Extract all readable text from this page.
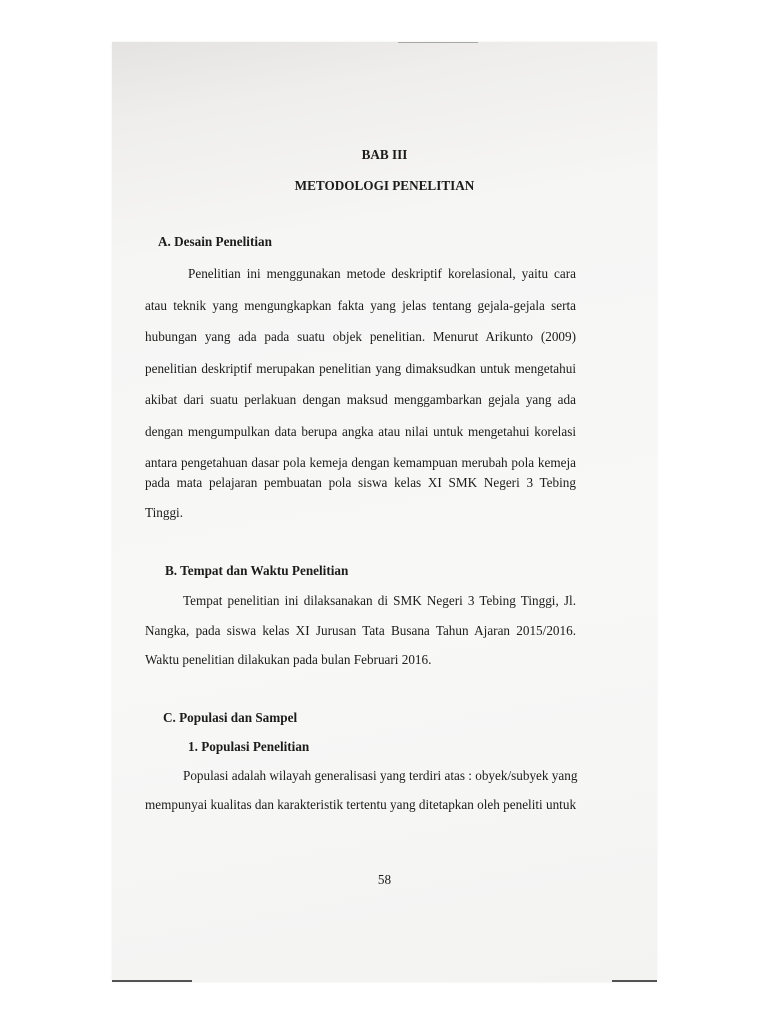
BAB III
METODOLOGI PENELITIAN
A. Desain Penelitian
Penelitian ini menggunakan metode deskriptif korelasional, yaitu cara
atau teknik yang mengungkapkan fakta yang jelas tentang gejala-gejala serta
hubungan yang ada pada suatu objek penelitian. Menurut Arikunto (2009)
penelitian deskriptif merupakan penelitian yang dimaksudkan untuk mengetahui
akibat dari suatu perlakuan dengan maksud menggambarkan gejala yang ada
dengan mengumpulkan data berupa angka atau nilai untuk mengetahui korelasi
antara pengetahuan dasar pola kemeja dengan kemampuan merubah pola kemeja
pada mata pelajaran pembuatan pola siswa kelas XI SMK Negeri 3 Tebing
Tinggi.
B. Tempat dan Waktu Penelitian
Tempat penelitian ini dilaksanakan di SMK Negeri 3 Tebing Tinggi, Jl.
Nangka, pada siswa kelas XI Jurusan Tata Busana Tahun Ajaran 2015/2016.
Waktu penelitian dilakukan pada bulan Februari 2016.
C. Populasi dan Sampel
1. Populasi Penelitian
Populasi adalah wilayah generalisasi yang terdiri atas : obyek/subyek yang
mempunyai kualitas dan karakteristik tertentu yang ditetapkan oleh peneliti untuk
58
